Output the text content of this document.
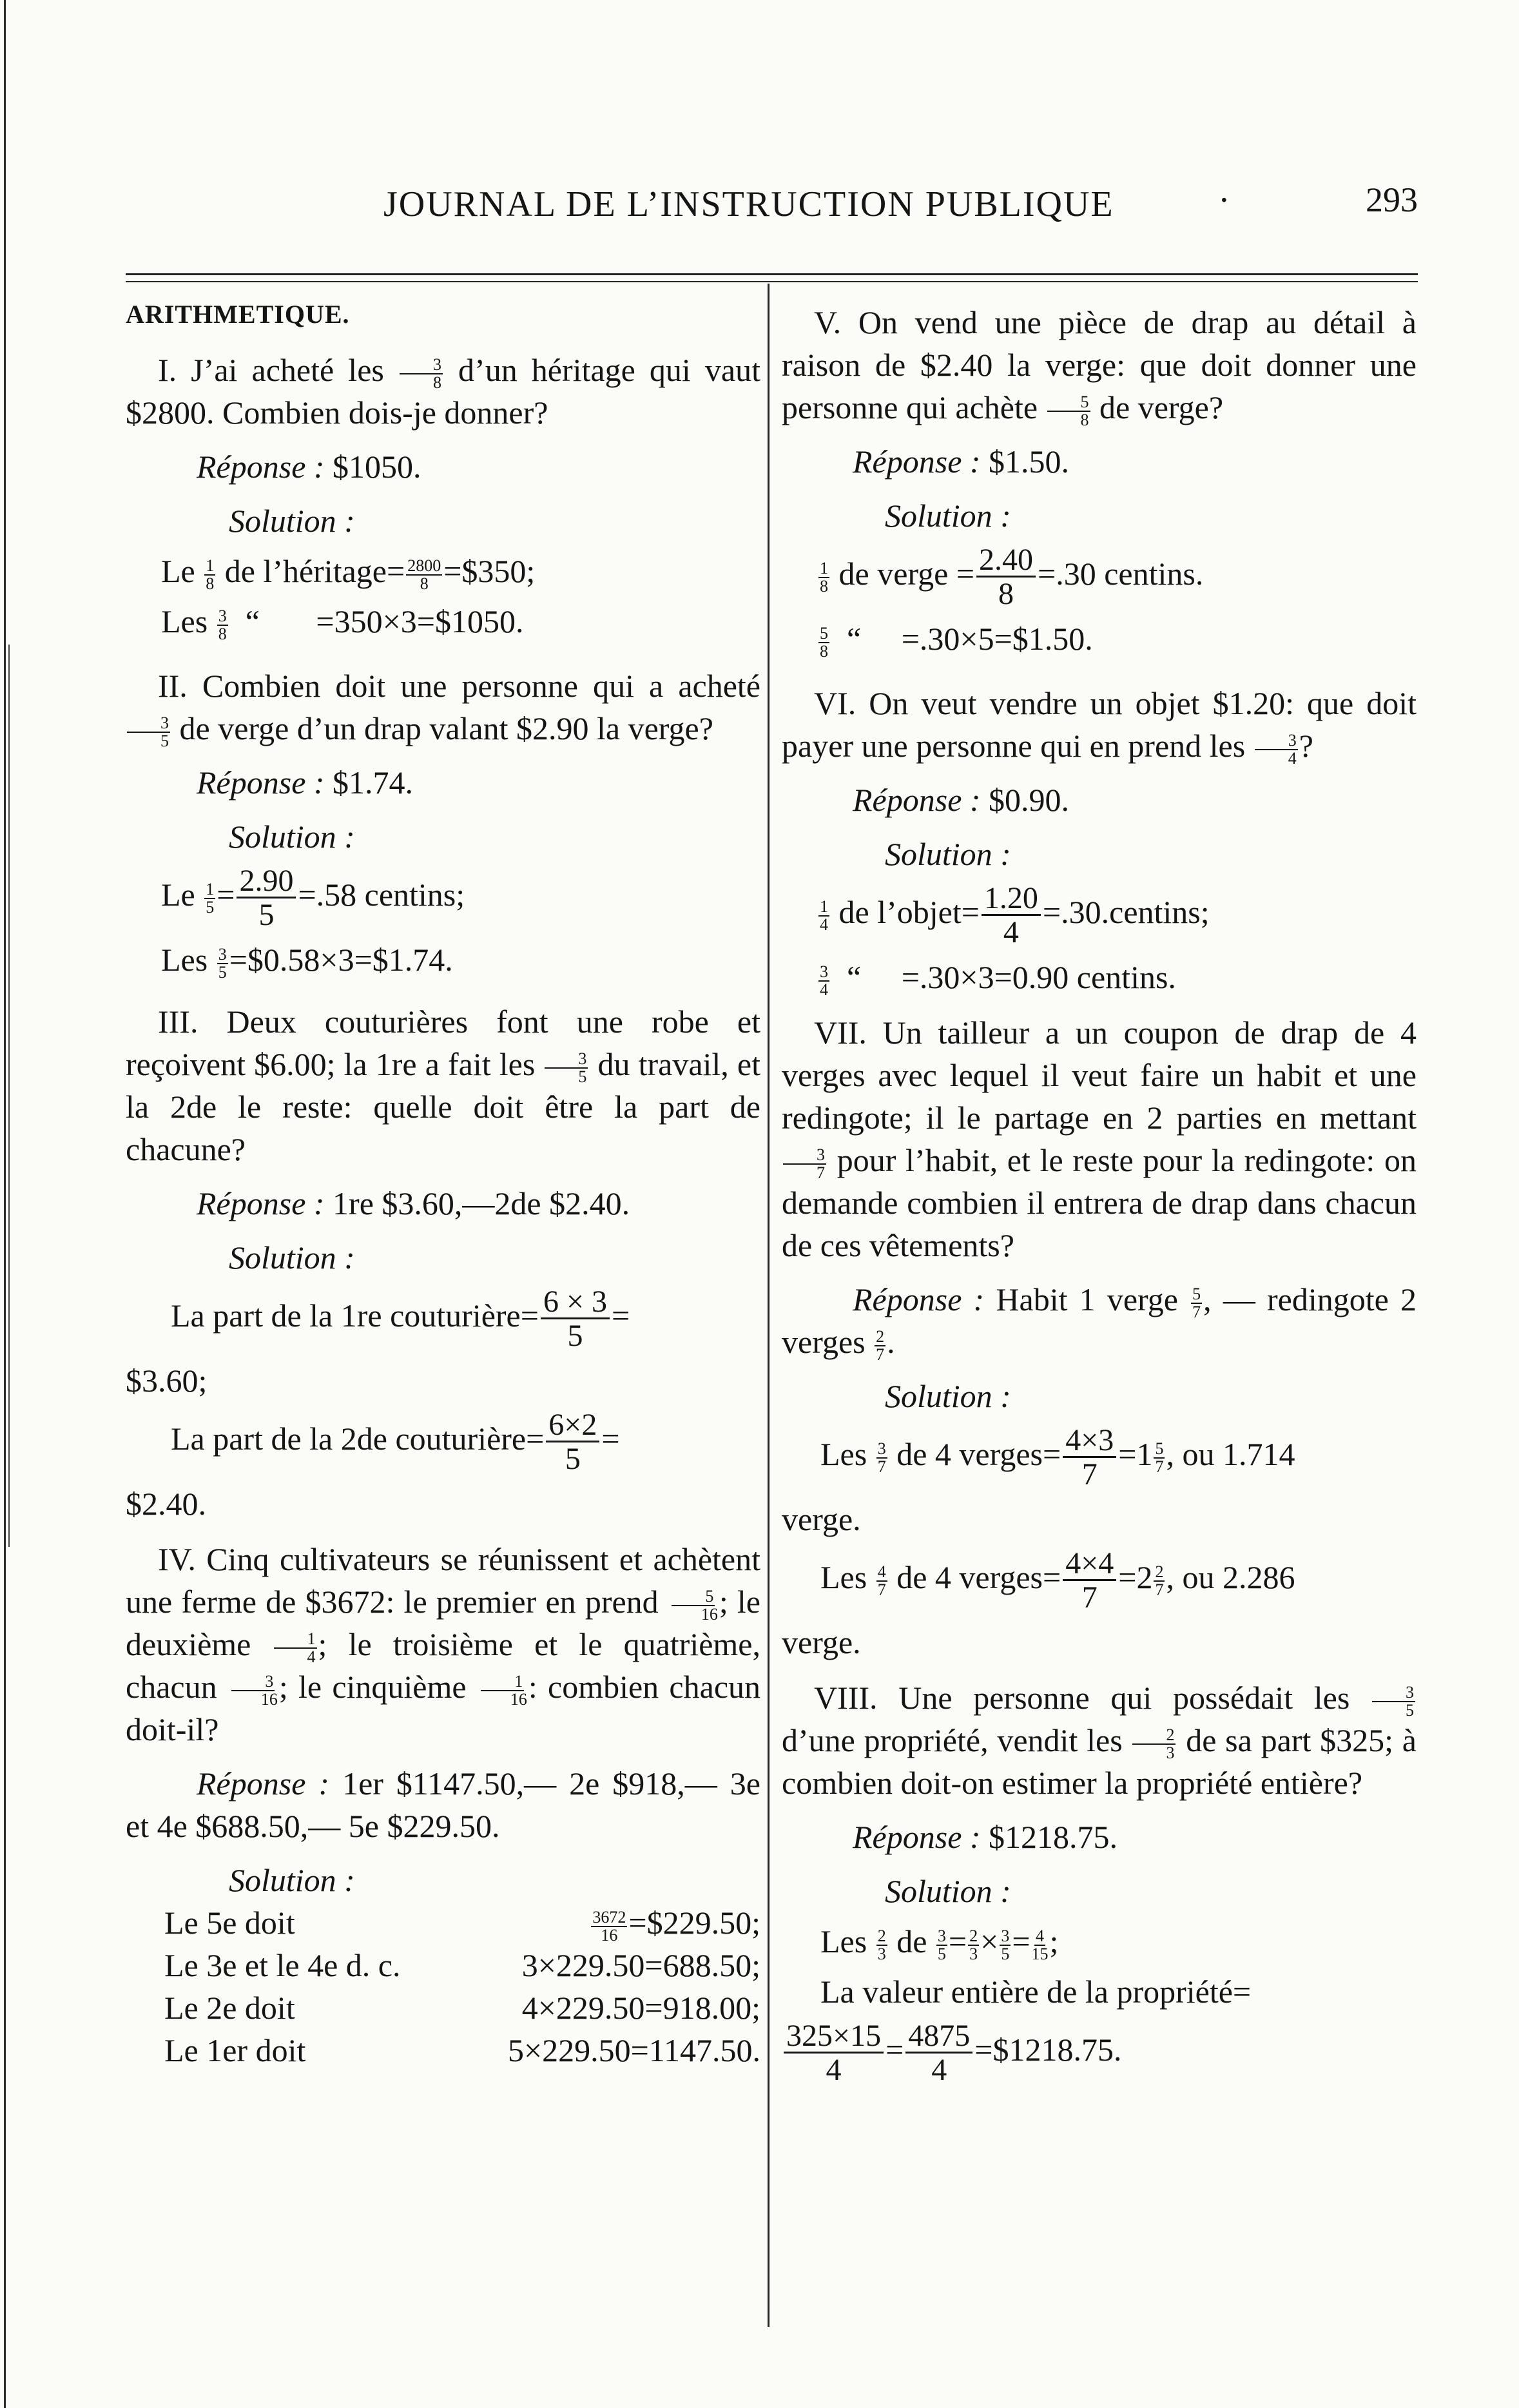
JOURNAL DE L’INSTRUCTION PUBLIQUE	·	293

ARITHMETIQUE.

I. J’ai acheté les $\frac{3}{8}$ d’un héritage qui vaut $2800. Combien dois-je donner?

Réponse : $1050.

Solution :

Le $\frac{1}{8}$ de l’héritage= $\frac{2800}{8}$ =$350;

Les $\frac{3}{8}$ “       =350×3=$1050.

II. Combien doit une personne qui a acheté
$\frac{3}{5}$ de verge d’un drap valant $2.90 la verge?

Réponse : $1.74.

Solution :

Le $\frac{1}{5} = \frac{2.90}{5} =.58$ centins;

Les $\frac{3}{5}$ =$0.58×3=$1.74.

III. Deux couturières font une robe et reçoivent $6.00; la 1re a fait les $\frac{3}{5}$ du travail, et la 2de le reste: quelle doit être la part de chacune?

Réponse : 1re $3.60,—2de $2.40.

Solution :

La part de la 1re couturière= $\frac{6 \times 3}{5}$ =

$3.60;

La part de la 2de couturière= $\frac{6\times 2}{5}$ =

$2.40.

IV. Cinq cultivateurs se réunissent et achètent une ferme de $3672: le premier en prend $\frac{5}{16}$ ; le deuxième $\frac{1}{4}$ ; le troisième et le quatrième, chacun $\frac{3}{16}$ ; le cinquième $\frac{1}{16}$ : combien chacun doit-il?

Réponse : 1er $1147.50,— 2e $918,— 3e et 4e $688.50,— 5e $229.50.

Solution :

Le 5e doit	$\frac{3672}{16}$ =$229.50;
Le 3e et le 4e d. c.	3×229.50=688.50;
Le 2e doit	4×229.50=918.00;
Le 1er doit	5×229.50=1147.50.

V. On vend une pièce de drap au détail à raison de $2.40 la verge: que doit donner une personne qui achète $\frac{5}{8}$ de verge?

Réponse : $1.50.

Solution :

$\frac{1}{8}$ de verge = $\frac{2.40}{8} =.30$ centins.

$\frac{5}{8}$ “     =.30×5=$1.50.

VI. On veut vendre un objet $1.20: que doit payer une personne qui en prend les $\frac{3}{4}$ ?

Réponse : $0.90.

Solution :

$\frac{1}{4}$ de l’objet= $\frac{1.20}{4}$ =.30.centins;

$\frac{3}{4}$ “     =.30×3=0.90 centins.

VII. Un tailleur a un coupon de drap de 4 verges avec lequel il veut faire un habit et une redingote; il le partage en 2 parties en mettant
$\frac{3}{7}$ pour l’habit, et le reste pour la redingote: on demande combien il entrera de drap dans chacun de ces vêtements?

Réponse : Habit 1 verge $\frac{5}{7}$ , — redingote 2 verges $\frac{2}{7}$ .

Solution :

Les $\frac{3}{7}$ de 4 verges= $\frac{4\times 3}{7} =1 \frac{5}{7}$ , ou 1.714

verge.

Les $\frac{4}{7}$ de 4 verges= $\frac{4\times 4}{7} =2 \frac{2}{7}$ , ou 2.286

verge.

VIII. Une personne qui possédait les $\frac{3}{5}$
d’une propriété, vendit les $\frac{2}{3}$ de sa part $325; à combien doit-on estimer la propriété entière?

Réponse : $1218.75.

Solution :

Les $\frac{2}{3}$ de $\frac{3}{5} = \frac{2}{3} \times \frac{3}{5} = \frac{4}{15}$ ;

La valeur entière de la propriété=

$\frac{325\times 15}{4} = \frac{4875}{4}$ =$1218.75.
